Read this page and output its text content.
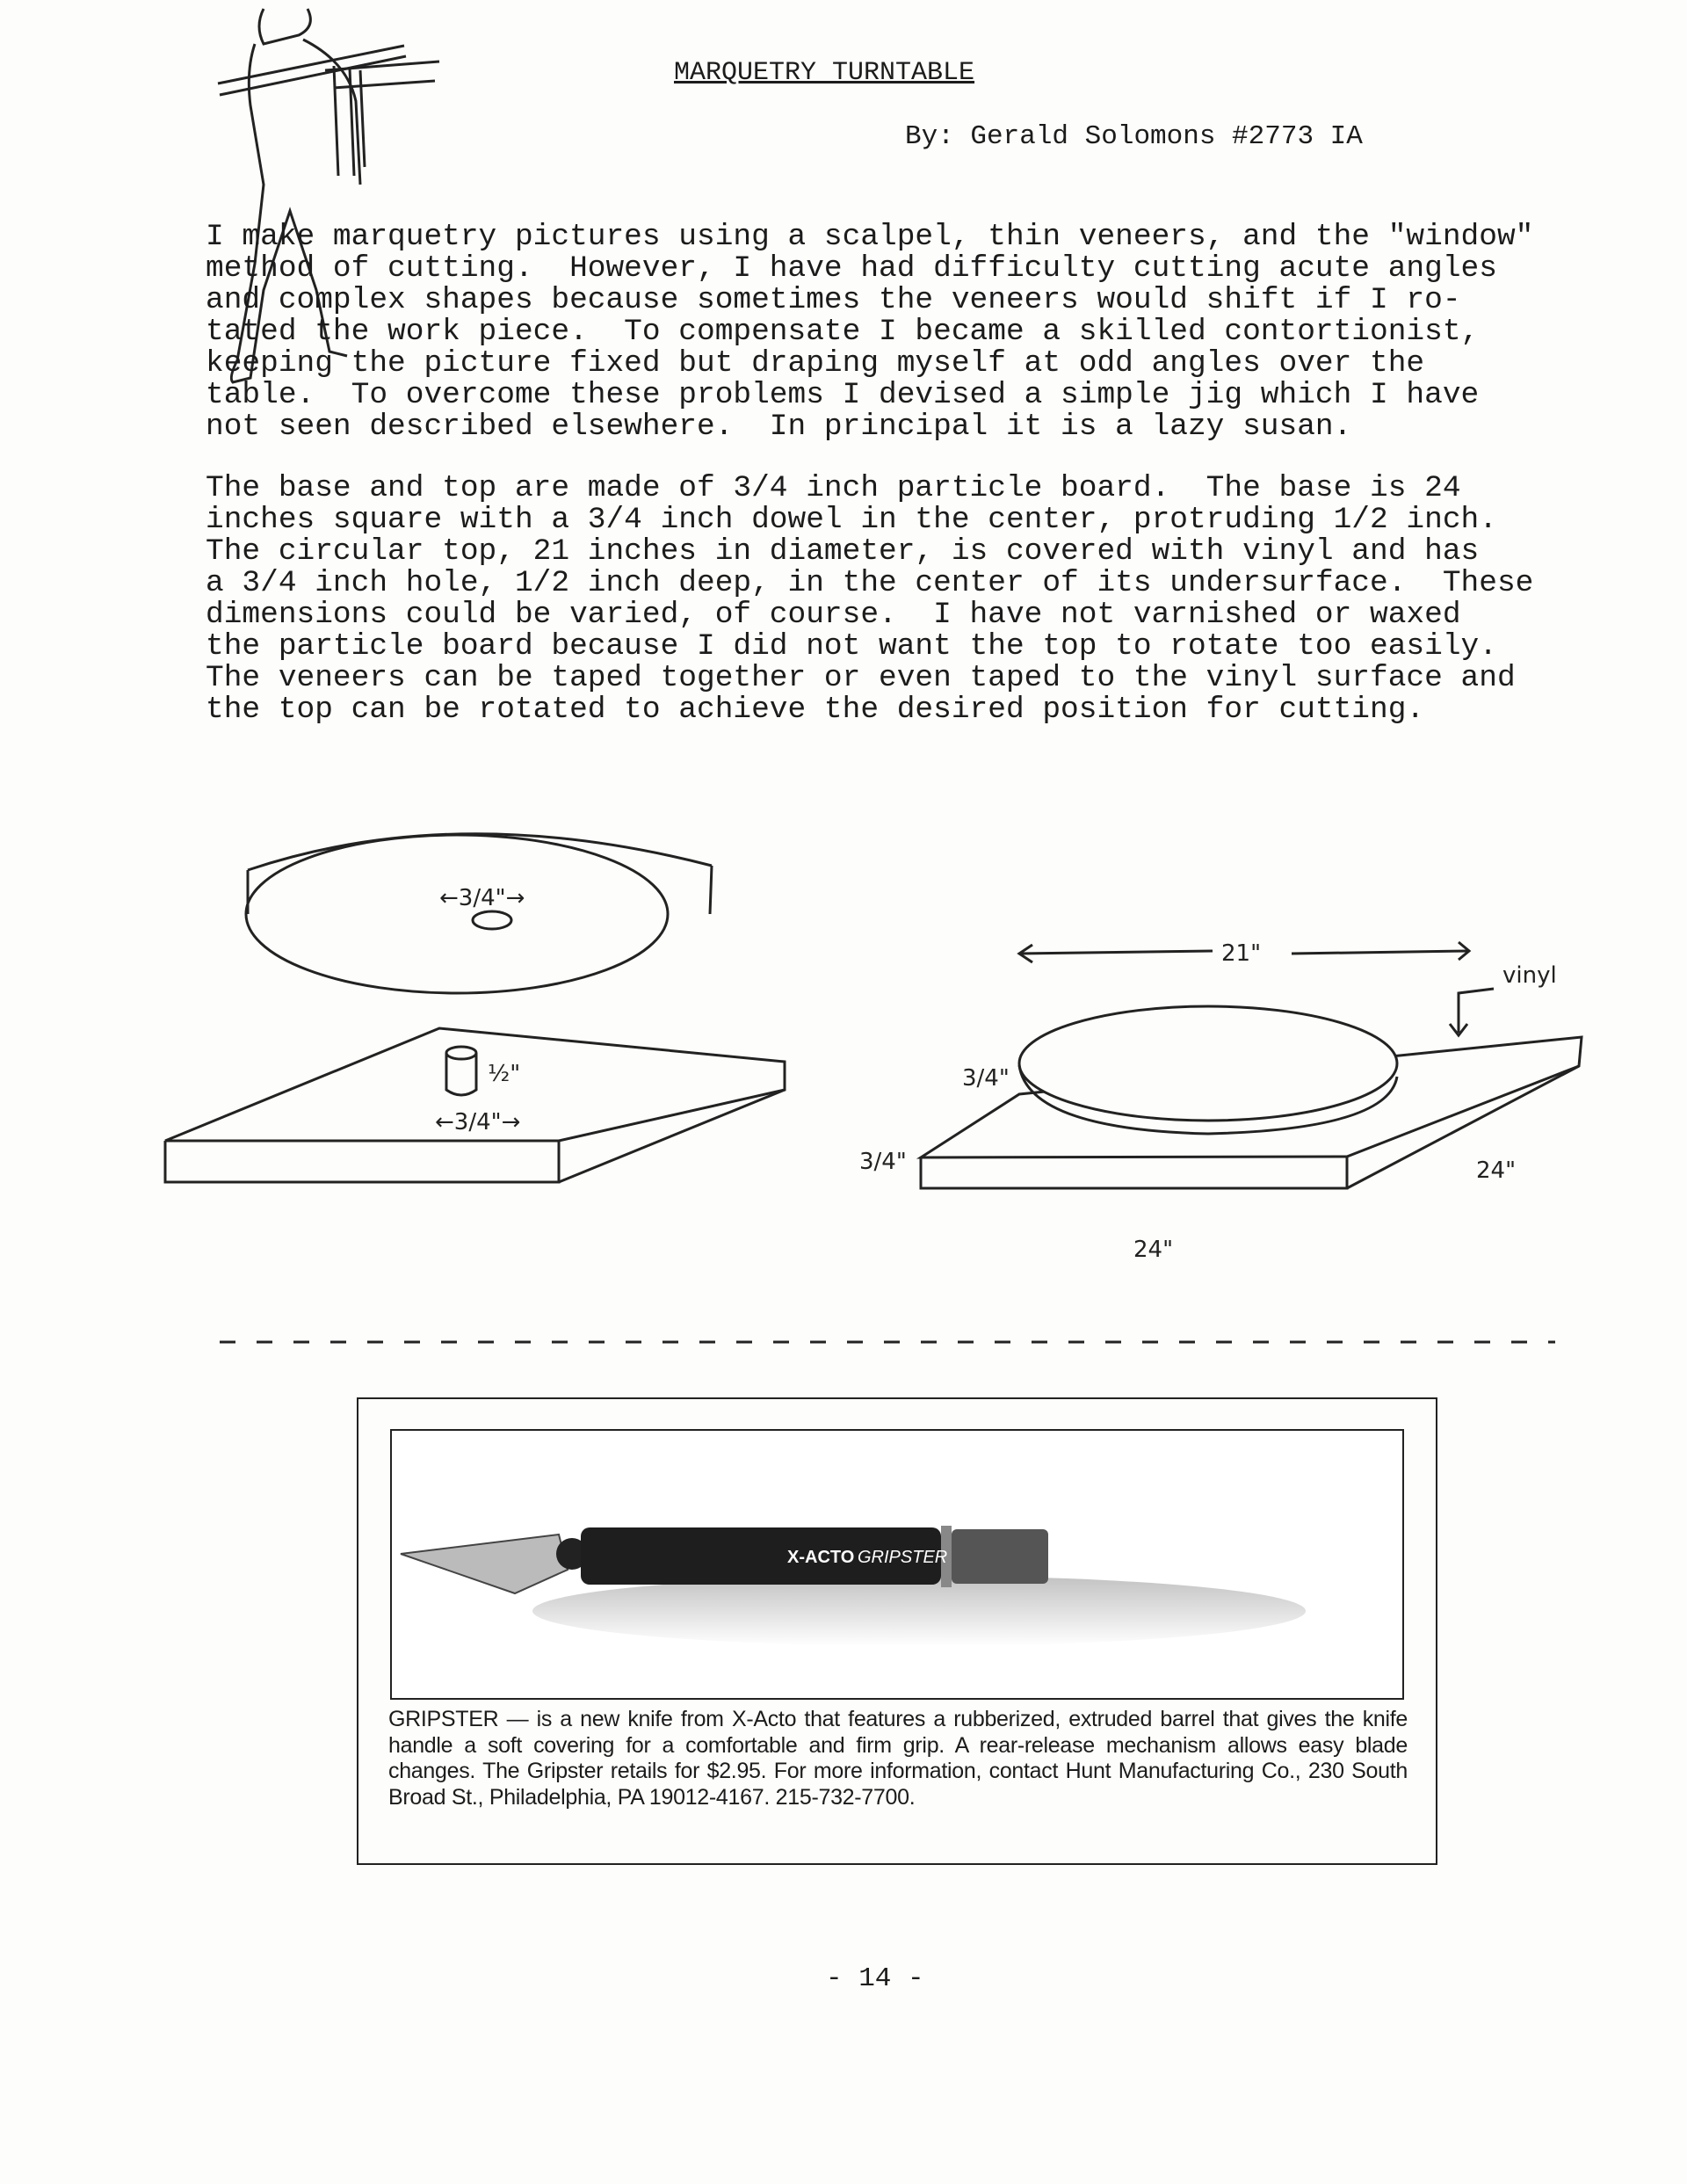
←3/4"→
½"
←3/4"→
21"
vinyl
3/4"
3/4"	24"
24"
MARQUETRY TURNTABLE
By: Gerald Solomons #2773 IA

I make marquetry pictures using a scalpel, thin veneers, and the "window"
method of cutting.  However, I have had difficulty cutting acute angles
and complex shapes because sometimes the veneers would shift if I ro-
tated the work piece.  To compensate I became a skilled contortionist,
keeping the picture fixed but draping myself at odd angles over the
table.  To overcome these problems I devised a simple jig which I have
not seen described elsewhere.  In principal it is a lazy susan.

The base and top are made of 3/4 inch particle board.  The base is 24
inches square with a 3/4 inch dowel in the center, protruding 1/2 inch.
The circular top, 21 inches in diameter, is covered with vinyl and has
a 3/4 inch hole, 1/2 inch deep, in the center of its undersurface.  These
dimensions could be varied, of course.  I have not varnished or waxed
the particle board because I did not want the top to rotate too easily.
The veneers can be taped together or even taped to the vinyl surface and
the top can be rotated to achieve the desired position for cutting.

X-ACTO GRIPSTER
GRIPSTER — is a new knife from X-Acto that features a rubberized, extruded barrel that gives the knife handle a soft covering for a comfortable and firm grip. A rear-release mechanism allows easy blade changes. The Gripster retails for $2.95. For more information, contact Hunt Manufacturing Co., 230 South Broad St., Philadelphia, PA 19012-4167. 215-732-7700.
- 14 -
